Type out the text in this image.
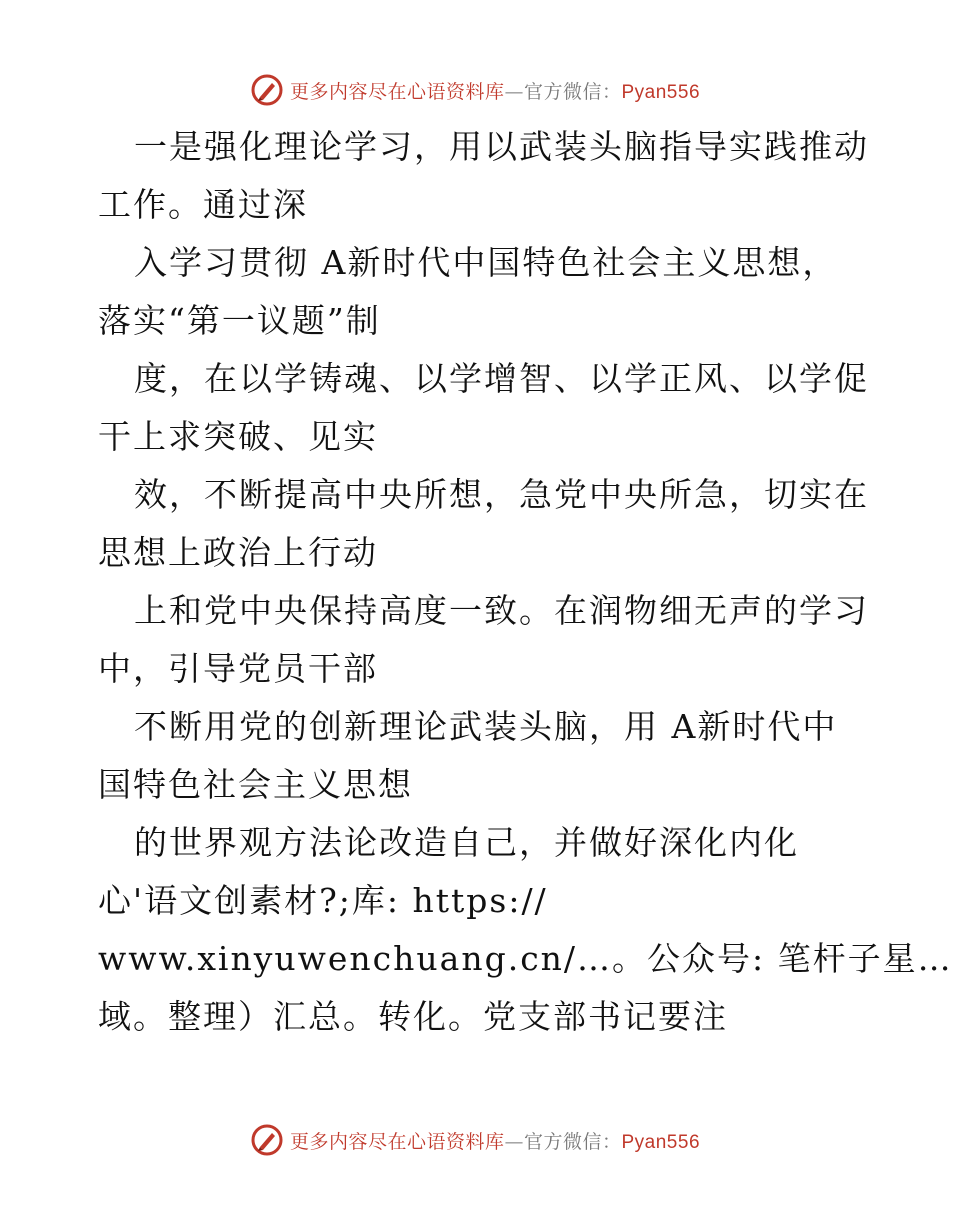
更多内容尽在心语资料库—官方微信：Pyan556
一是强化理论学习，用以武装头脑指导实践推动
工作。通过深
入学习贯彻 A新时代中国特色社会主义思想，
落实“第一议题”制
度，在以学铸魂、以学增智、以学正风、以学促
干上求突破、见实
效，不断提高中央所想，急党中央所急，切实在
思想上政治上行动
上和党中央保持高度一致。在润物细无声的学习
中，引导党员干部
不断用党的创新理论武装头脑，用 A新时代中
国特色社会主义思想
的世界观方法论改造自己，并做好深化内化
心'语文创素材?;库: https://
www.xinyuwenchuang.cn/…。公众号: 笔杆子星…
域。整理）汇总。转化。党支部书记要注
更多内容尽在心语资料库—官方微信：Pyan556
